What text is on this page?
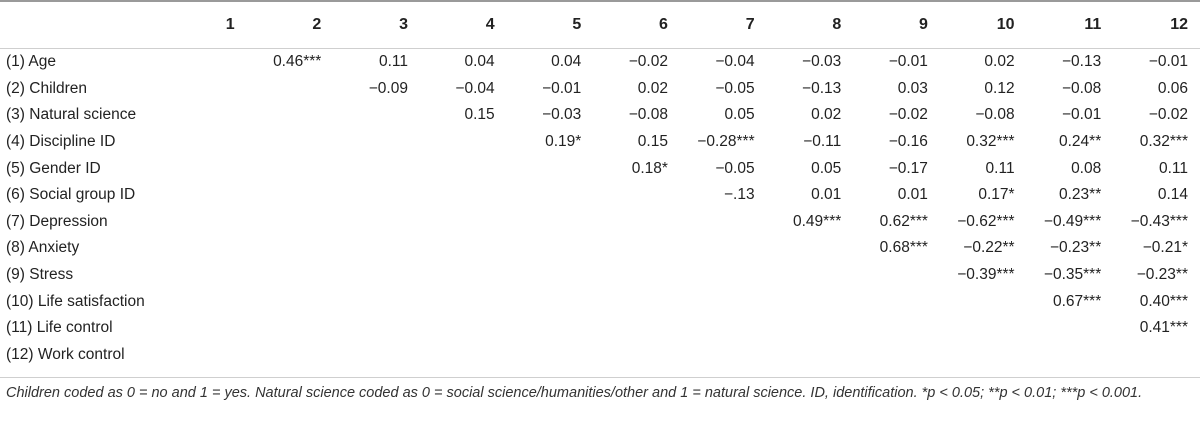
	1	2	3	4	5	6	7	8	9	10	11	12
(1) Age		0.46***	0.11	0.04	0.04	−0.02	−0.04	−0.03	−0.01	0.02	−0.13	−0.01
(2) Children			−0.09	−0.04	−0.01	0.02	−0.05	−0.13	0.03	0.12	−0.08	0.06
(3) Natural science				0.15	−0.03	−0.08	0.05	0.02	−0.02	−0.08	−0.01	−0.02
(4) Discipline ID					0.19*	0.15	−0.28***	−0.11	−0.16	0.32***	0.24**	0.32***
(5) Gender ID						0.18*	−0.05	0.05	−0.17	0.11	0.08	0.11
(6) Social group ID							−.13	0.01	0.01	0.17*	0.23**	0.14
(7) Depression								0.49***	0.62***	−0.62***	−0.49***	−0.43***
(8) Anxiety									0.68***	−0.22**	−0.23**	−0.21*
(9) Stress										−0.39***	−0.35***	−0.23**
(10) Life satisfaction											0.67***	0.40***
(11) Life control												0.41***
(12) Work control												
Children coded as 0 = no and 1 = yes. Natural science coded as 0 = social science/humanities/other and 1 = natural science. ID, identification. *p < 0.05; **p < 0.01; ***p < 0.001.
